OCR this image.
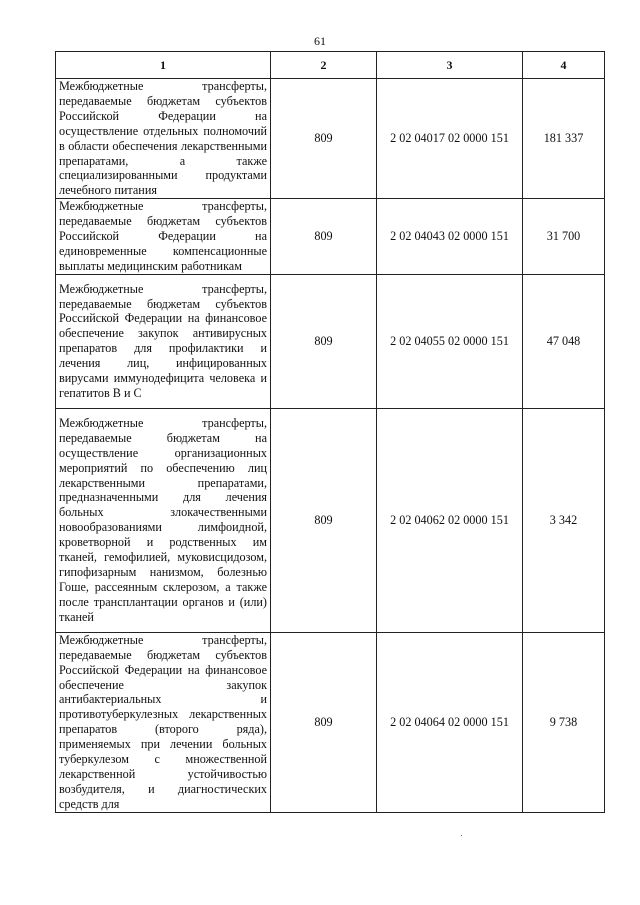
61
1	2	3	4
Межбюджетные трансферты, передаваемые бюджетам субъектов Российской Федерации на осуществление отдельных полномочий в области обеспечения лекарственными препаратами, а также специализированными продуктами лечебного питания	809	2 02 04017 02 0000 151	181 337
Межбюджетные трансферты, передаваемые бюджетам субъектов Российской Федерации на единовременные компенсационные выплаты медицинским работникам	809	2 02 04043 02 0000 151	31 700
Межбюджетные трансферты, передаваемые бюджетам субъектов Российской Федерации на финансовое обеспечение закупок антивирусных препаратов для профилактики и лечения лиц, инфицированных вирусами иммунодефицита человека и гепатитов В и С	809	2 02 04055 02 0000 151	47 048
Межбюджетные трансферты, передаваемые бюджетам на осуществление организационных мероприятий по обеспечению лиц лекарственными препаратами, предназначенными для лечения больных злокачественными новообразованиями лимфоидной, кроветворной и родственных им тканей, гемофилией, муковисцидозом, гипофизарным нанизмом, болезнью Гоше, рассеянным склерозом, а также после трансплантации органов и (или) тканей	809	2 02 04062 02 0000 151	3 342
Межбюджетные трансферты, передаваемые бюджетам субъектов Российской Федерации на финансовое обеспечение закупок антибактериальных и противотуберкулезных лекарственных препаратов (второго ряда), применяемых при лечении больных туберкулезом с множественной лекарственной устойчивостью возбудителя, и диагностических средств для	809	2 02 04064 02 0000 151	9 738
